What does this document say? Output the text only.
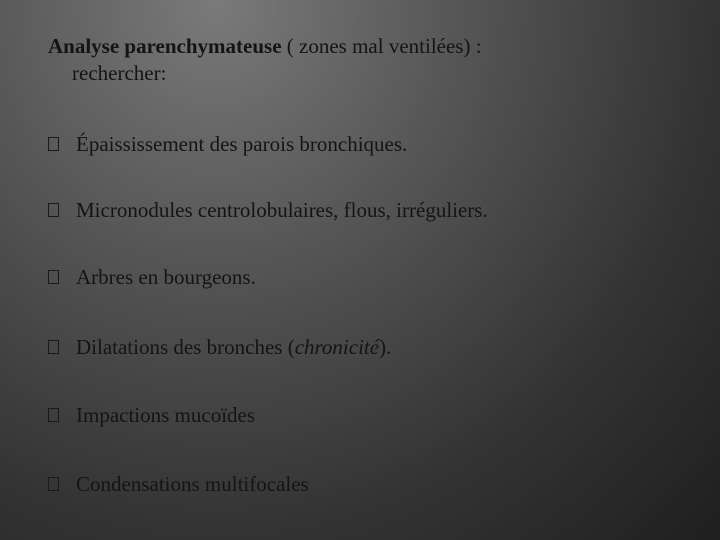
Analyse parenchymateuse ( zones mal ventilées) :
rechercher:
Épaississement des parois bronchiques.
Micronodules centrolobulaires, flous, irréguliers.
Arbres en bourgeons.
Dilatations des bronches ( chronicité ).
Impactions mucoïdes
Condensations multifocales
